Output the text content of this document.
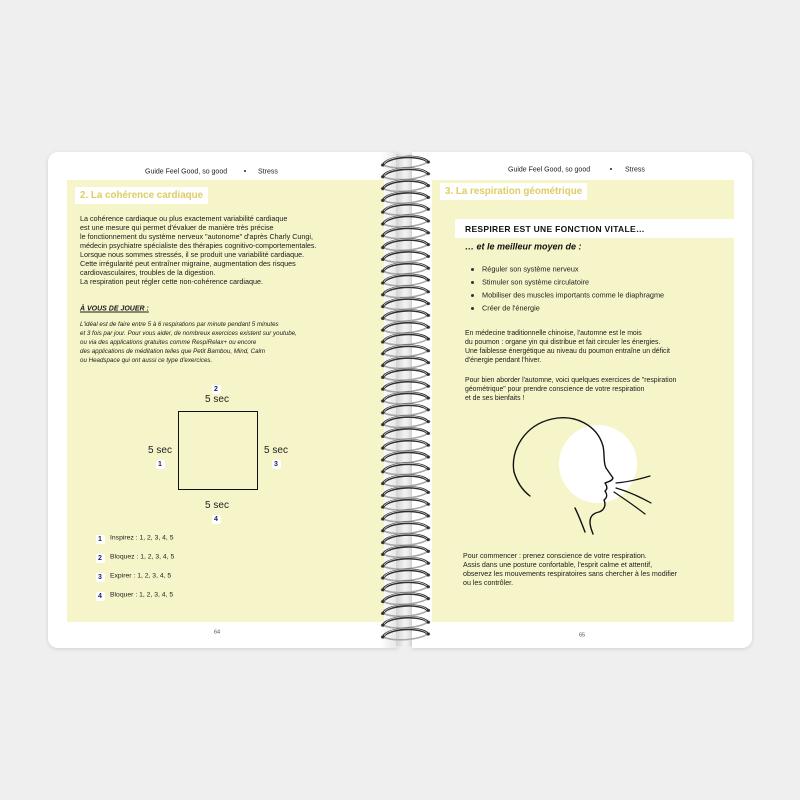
Guide Feel Good, so good • Stress
2. La cohérence cardiaque
La cohérence cardiaque ou plus exactement variabilité cardiaque
est une mesure qui permet d'évaluer de manière très précise
le fonctionnement du système nerveux "autonome" d'après Charly Cungi,
médecin psychiatre spécialiste des thérapies cognitivo-comportementales.
Lorsque nous sommes stressés, il se produit une variabilité cardiaque.
Cette irrégularité peut entraîner migraine, augmentation des risques
cardiovasculaires, troubles de la digestion.
La respiration peut régler cette non-cohérence cardiaque.
À VOUS DE JOUER :
L'idéal est de faire entre 5 à 6 respirations par minute pendant 5 minutes
et 3 fois par jour. Pour vous aider, de nombreux exercices existent sur youtube,
ou via des applications gratuites comme RespiRelax+ ou encore
des applications de méditation telles que Petit Bambou, Mind, Calm
ou Headspace qui ont aussi ce type d'exercices.
2
5 sec
5 sec
1
5 sec
3
5 sec
4
1	Inspirez : 1, 2, 3, 4, 5
2	Bloquez : 1, 2, 3, 4, 5
3	Expirer : 1, 2, 3, 4, 5
4	Bloquer : 1, 2, 3, 4, 5
64
Guide Feel Good, so good	• Stress
3. La respiration géométrique
RESPIRER EST UNE FONCTION VITALE…
… et le meilleur moyen de :
Réguler son système nerveux
Stimuler son système circulatoire
Mobiliser des muscles importants comme le diaphragme
Créer de l'énergie
En médecine traditionnelle chinoise, l'automne est le mois
du poumon : organe yin qui distribue et fait circuler les énergies.
Une faiblesse énergétique au niveau du poumon entraîne un déficit
d'énergie pendant l'hiver.
Pour bien aborder l'automne, voici quelques exercices de "respiration
géométrique" pour prendre conscience de votre respiration
et de ses bienfaits !
Pour commencer : prenez conscience de votre respiration.
Assis dans une posture confortable, l'esprit calme et attentif,
observez les mouvements respiratoires sans chercher à les modifier
ou les contrôler.
65
